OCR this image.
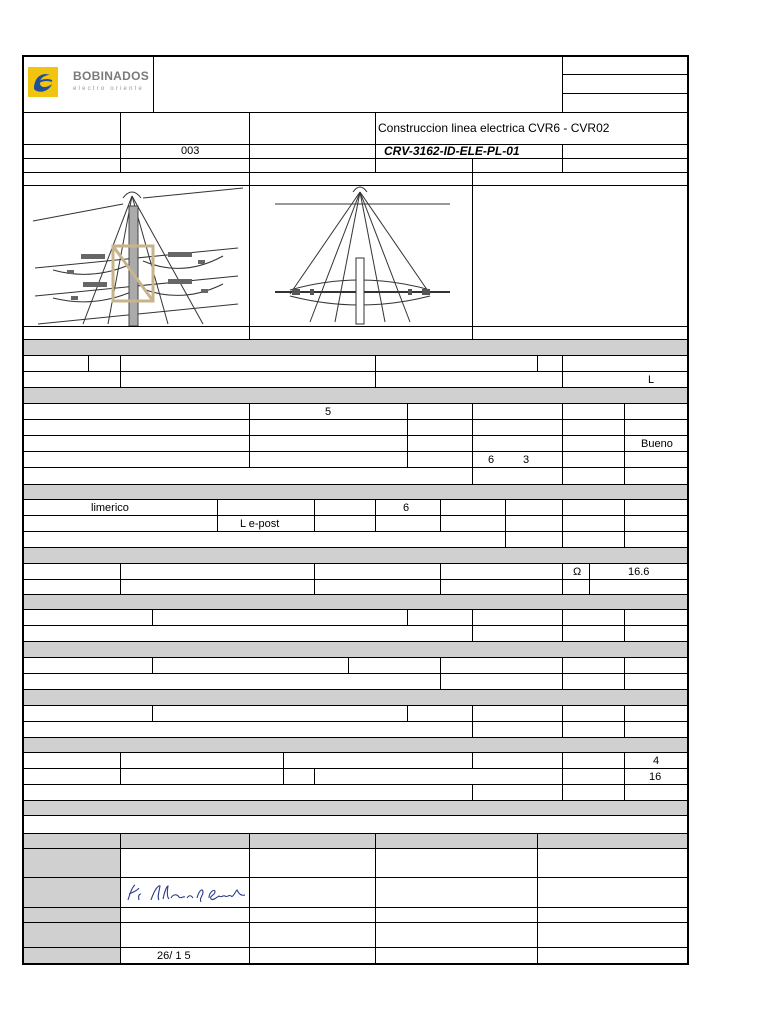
BOBINADOS
electro oriente
Construccion linea electrica CVR6 - CVR02
003	CRV-3162-ID-ELE-PL-01
L
5
Bueno
6	3
limerico	6
L e-post
Ω	16.6
4
16
26/ 1 5
